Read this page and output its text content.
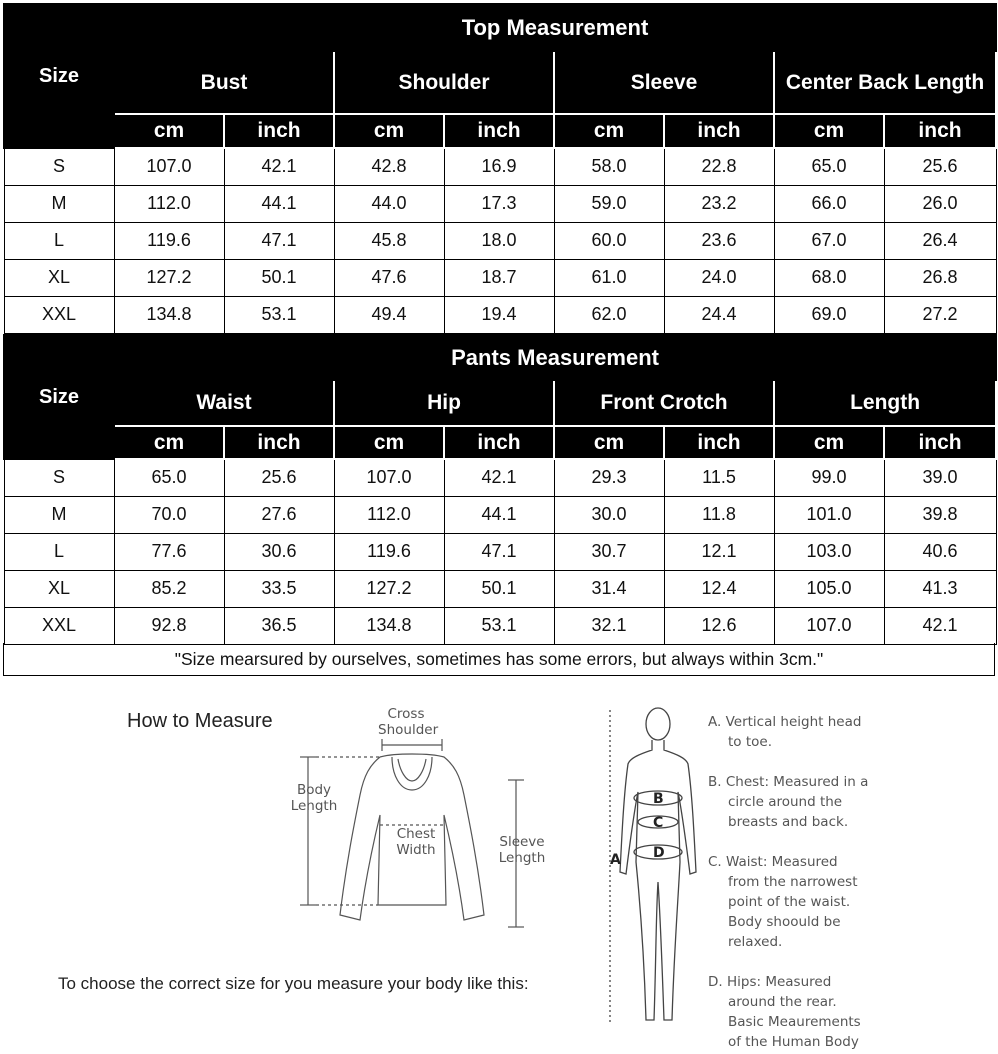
Size	Top Measurement							
	Bust		Shoulder		Sleeve		Center Back Length	
	cm	inch	cm	inch	cm	inch	cm	inch
S	107.0	42.1	42.8	16.9	58.0	22.8	65.0	25.6
M	112.0	44.1	44.0	17.3	59.0	23.2	66.0	26.0
L	119.6	47.1	45.8	18.0	60.0	23.6	67.0	26.4
XL	127.2	50.1	47.6	18.7	61.0	24.0	68.0	26.8
XXL	134.8	53.1	49.4	19.4	62.0	24.4	69.0	27.2
Size	Pants Measurement							
	Waist		Hip		Front Crotch		Length	
	cm	inch	cm	inch	cm	inch	cm	inch
S	65.0	25.6	107.0	42.1	29.3	11.5	99.0	39.0
M	70.0	27.6	112.0	44.1	30.0	11.8	101.0	39.8
L	77.6	30.6	119.6	47.1	30.7	12.1	103.0	40.6
XL	85.2	33.5	127.2	50.1	31.4	12.4	105.0	41.3
XXL	92.8	36.5	134.8	53.1	32.1	12.6	107.0	42.1
"Size mearsured by ourselves, sometimes has some errors, but always within 3cm."
How to Measure	Cross
Shoulder
Body
Length
Chest
Width	Sleeve
Length
B
C
D
A
To choose the correct size for you measure your body like this:
A. Vertical height head
to toe.
B. Chest: Measured in a
circle around the
breasts and back.
C. Waist: Measured
from the narrowest
point of the waist.
Body shoould be
relaxed.
D. Hips: Measured
around the rear.
Basic Meaurements
of the Human Body
